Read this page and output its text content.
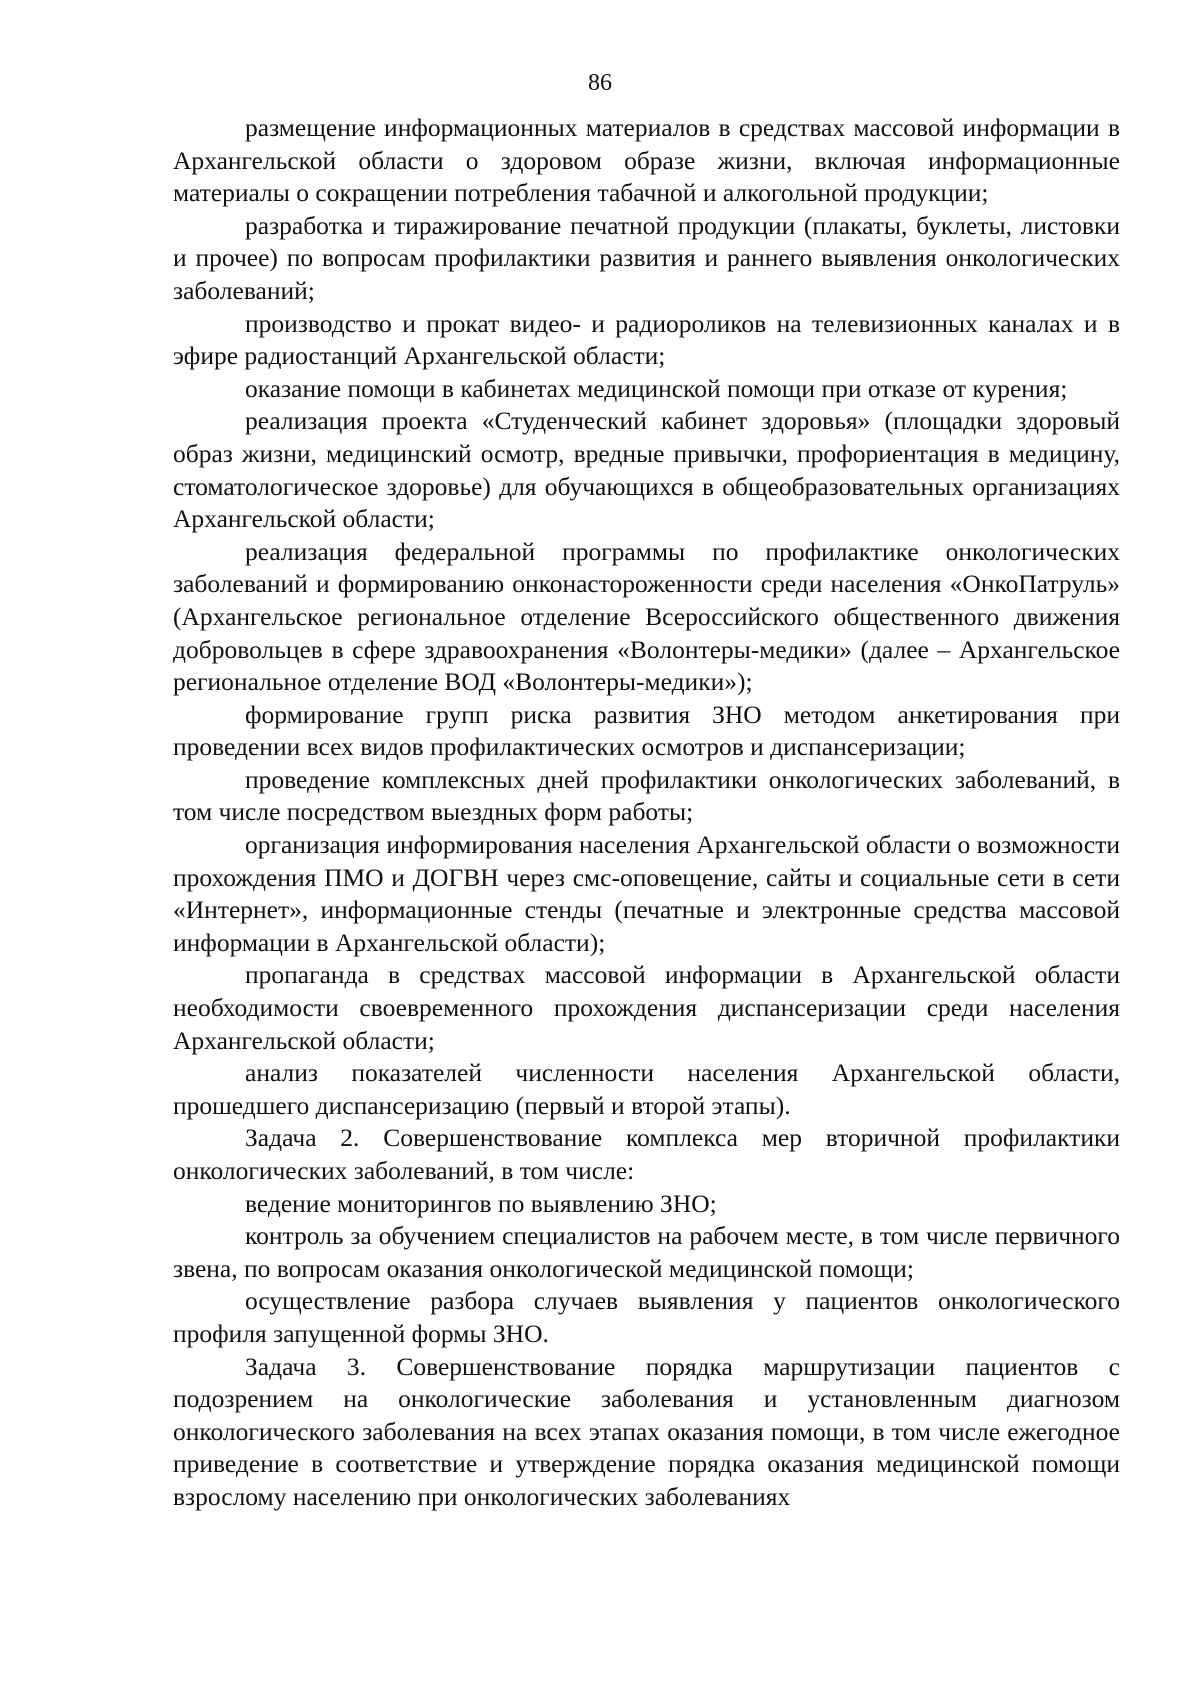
86

размещение информационных материалов в средствах массовой информации в Архангельской области о здоровом образе жизни, включая информационные материалы о сокращении потребления табачной и алкогольной продукции;

разработка и тиражирование печатной продукции (плакаты, буклеты, листовки и прочее) по вопросам профилактики развития и раннего выявления онкологических заболеваний;

производство и прокат видео- и радиороликов на телевизионных каналах и в эфире радиостанций Архангельской области;

оказание помощи в кабинетах медицинской помощи при отказе от курения;

реализация проекта «Студенческий кабинет здоровья» (площадки здоровый образ жизни, медицинский осмотр, вредные привычки, профориентация в медицину, стоматологическое здоровье) для обучающихся в общеобразовательных организациях Архангельской области;

реализация федеральной программы по профилактике онкологических заболеваний и формированию онконастороженности среди населения «ОнкоПатруль» (Архангельское региональное отделение Всероссийского общественного движения добровольцев в сфере здравоохранения «Волонтеры-медики» (далее – Архангельское региональное отделение ВОД «Волонтеры-медики»);

формирование групп риска развития ЗНО методом анкетирования при проведении всех видов профилактических осмотров и диспансеризации;

проведение комплексных дней профилактики онкологических заболеваний, в том числе посредством выездных форм работы;

организация информирования населения Архангельской области о возможности прохождения ПМО и ДОГВН через смс-оповещение, сайты и социальные сети в сети «Интернет», информационные стенды (печатные и электронные средства массовой информации в Архангельской области);

пропаганда в средствах массовой информации в Архангельской области необходимости своевременного прохождения диспансеризации среди населения Архангельской области;

анализ показателей численности населения Архангельской области, прошедшего диспансеризацию (первый и второй этапы).

Задача 2. Совершенствование комплекса мер вторичной профилактики онкологических заболеваний, в том числе:

ведение мониторингов по выявлению ЗНО;

контроль за обучением специалистов на рабочем месте, в том числе первичного звена, по вопросам оказания онкологической медицинской помощи;

осуществление разбора случаев выявления у пациентов онкологического профиля запущенной формы ЗНО.

Задача 3. Совершенствование порядка маршрутизации пациентов с подозрением на онкологические заболевания и установленным диагнозом онкологического заболевания на всех этапах оказания помощи, в том числе ежегодное приведение в соответствие и утверждение порядка оказания медицинской помощи взрослому населению при онкологических заболеваниях
